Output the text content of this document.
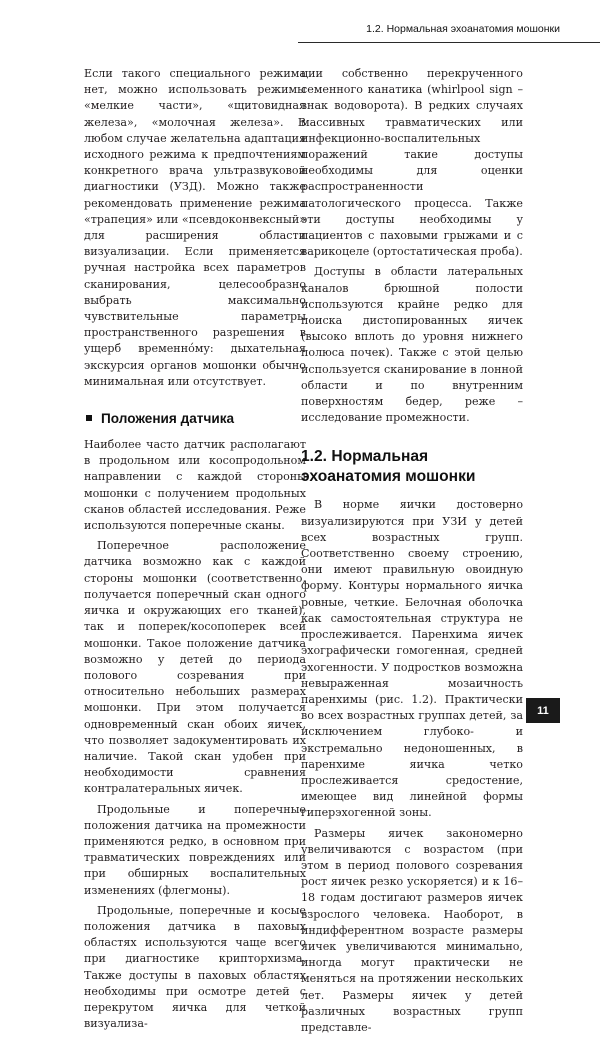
1.2. Нормальная эхоанатомия мошонки

Если такого специального режима нет, можно использовать режимы «мелкие части», «щитовидная железа», «молочная железа». В любом случае желательна адаптация исходного режима к предпочтениям конкретного врача ультразвуковой диагностики (УЗД). Можно также рекомендовать применение режима «трапеция» или «псевдоконвексный» для расширения области визуализации. Если применяется ручная настройка всех параметров сканирования, целесообразно выбрать максимально чувствительные параметры пространственного разрешения в ущерб временнóму: дыхательная экскурсия органов мошонки обычно минимальная или отсутствует.

Положения датчика

Наиболее часто датчик располагают в продольном или косопродольном направлении с каждой стороны мошонки с получением продольных сканов областей исследования. Реже используются поперечные сканы.

Поперечное расположение датчика возможно как с каждой стороны мошонки (соответственно, получается поперечный скан одного яичка и окружающих его тканей), так и поперек/косопоперек всей мошонки. Такое положение датчика возможно у детей до периода полового созревания при относительно небольших размерах мошонки. При этом получается одновременный скан обоих яичек, что позволяет задокументировать их наличие. Такой скан удобен при необходимости сравнения контралатеральных яичек.

Продольные и поперечные положения датчика на промежности применяются редко, в основном при травматических повреждениях или при обширных воспалительных изменениях (флегмоны).

Продольные, поперечные и косые положения датчика в паховых областях используются чаще всего при диагностике крипторхизма. Также доступы в паховых областях необходимы при осмотре детей с перекрутом яичка для четкой визуализа-

ции собственно перекрученного семенного канатика (whirlpool sign – знак водоворота). В редких случаях массивных травматических или инфекционно-воспалительных поражений такие доступы необходимы для оценки распространенности патологического процесса. Также эти доступы необходимы у пациентов с паховыми грыжами и с варикоцеле (ортостатическая проба).

Доступы в области латеральных каналов брюшной полости используются крайне редко для поиска дистопированных яичек (высоко вплоть до уровня нижнего полюса почек). Также с этой целью используется сканирование в лонной области и по внутренним поверхностям бедер, реже – исследование промежности.

1.2. Нормальная эхоанатомия мошонки

В норме яички достоверно визуализируются при УЗИ у детей всех возрастных групп. Соответственно своему строению, они имеют правильную овоидную форму. Контуры нормального яичка ровные, четкие. Белочная оболочка как самостоятельная структура не прослеживается. Паренхима яичек эхографически гомогенная, средней эхогенности. У подростков возможна невыраженная мозаичность паренхимы (рис. 1.2). Практически во всех возрастных группах детей, за исключением глубоко- и экстремально недоношенных, в паренхиме яичка четко прослеживается средостение, имеющее вид линейной формы гиперэхогенной зоны.

Размеры яичек закономерно увеличиваются с возрастом (при этом в период полового созревания рост яичек резко ускоряется) и к 16–18 годам достигают размеров яичек взрослого человека. Наоборот, в индифферентном возрасте размеры яичек увеличиваются минимально, иногда могут практически не меняться на протяжении нескольких лет. Размеры яичек у детей различных возрастных групп представле-

11
